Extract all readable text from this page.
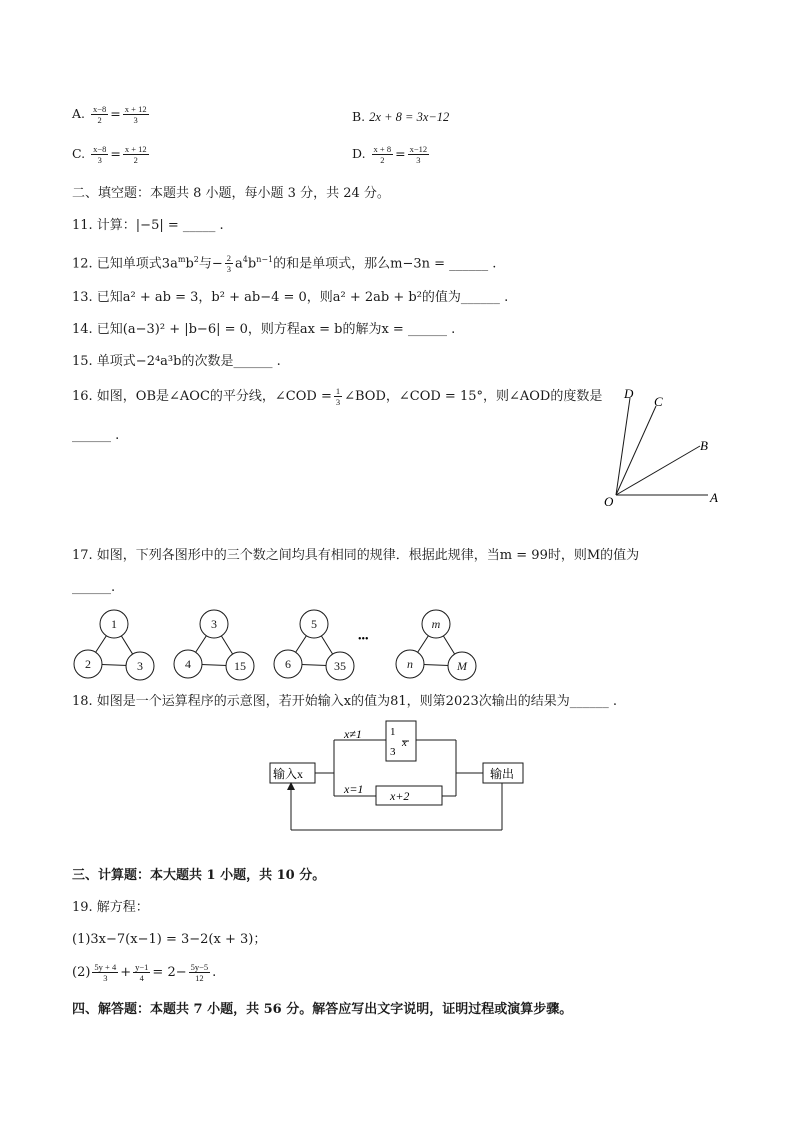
A. $\frac{x-8}{2} = \frac{x + 12}{3}$	B. 2x + 8 = 3x−12
C. $\frac{x-8}{3} = \frac{x + 12}{2}$	D. $\frac{x + 8}{2} = \frac{x-12}{3}$
二、填空题：本题共 8 小题，每小题 3 分，共 24 分。
11. 计算：|−5| = _____ .
12. 已知单项式$3a^mb^2$与− $\frac{2}{3} a^4b^{n-1}$的和是单项式，那么m−3n = ______ .
13. 已知a² + ab = 3，b² + ab−4 = 0，则a² + 2ab + b²的值为______ .
14. 已知(a−3)² + |b−6| = 0，则方程ax = b的解为x = ______ .
15. 单项式−2⁴a³b的次数是______ .
16. 如图，OB是∠AOC的平分线，∠COD = $\frac{1}{3}$ ∠BOD，∠COD = 15°，则∠AOD的度数是
______ .
O	A
B
C
D
17. 如图，下列各图形中的三个数之间均具有相同的规律．根据此规律，当m = 99时，则M的值为
______.
1
2	3
3
4	15
5
6	35
m
n	M
•••
18. 如图是一个运算程序的示意图，若开始输入x的值为81，则第2023次输出的结果为______ .
输入x	输出
x≠1
x=1
1
3
x
x+2
三、计算题：本大题共 1 小题，共 10 分。
19. 解方程：
(1)3x−7(x−1) = 3−2(x + 3)；
$(2) \frac{5y + 4}{3} + \frac{y-1}{4} = 2- \frac{5y-5}{12}$ .
四、解答题：本题共 7 小题，共 56 分。解答应写出文字说明，证明过程或演算步骤。
